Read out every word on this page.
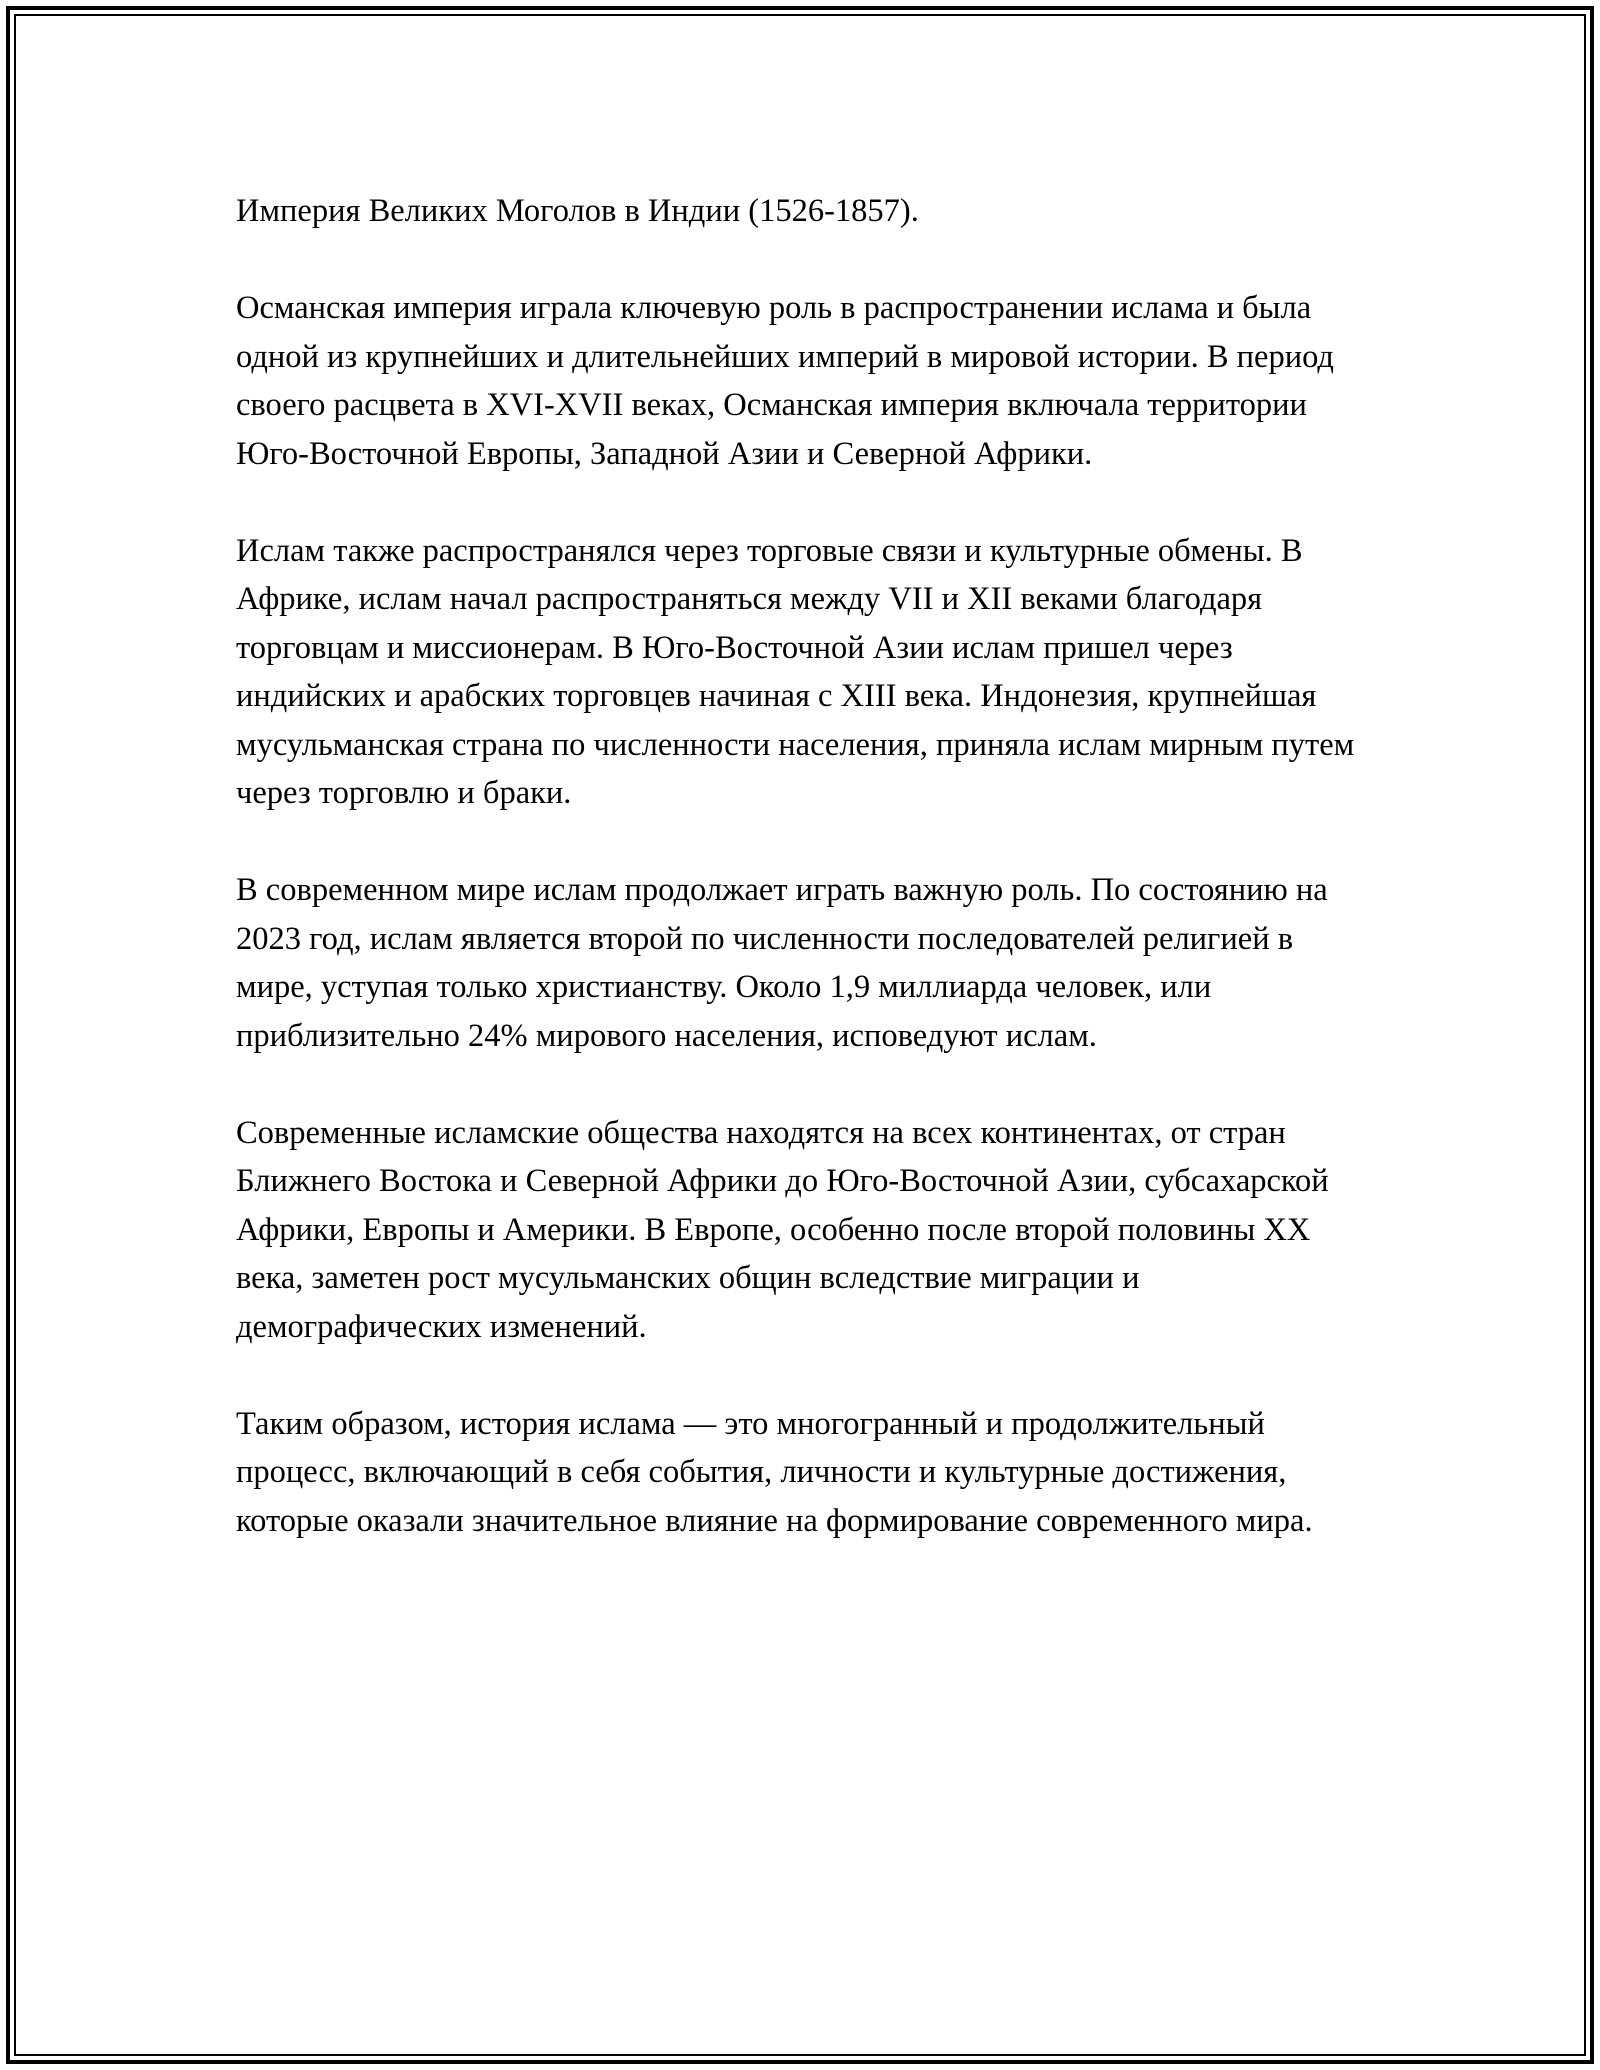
Империя Великих Моголов в Индии (1526-1857).

Османская империя играла ключевую роль в распространении ислама и была одной из крупнейших и длительнейших империй в мировой истории. В период своего расцвета в XVI-XVII веках, Османская империя включала территории Юго-Восточной Европы, Западной Азии и Северной Африки.

Ислам также распространялся через торговые связи и культурные обмены. В Африке, ислам начал распространяться между VII и XII веками благодаря торговцам и миссионерам. В Юго-Восточной Азии ислам пришел через индийских и арабских торговцев начиная с XIII века. Индонезия, крупнейшая мусульманская страна по численности населения, приняла ислам мирным путем через торговлю и браки.

В современном мире ислам продолжает играть важную роль. По состоянию на 2023 год, ислам является второй по численности последователей религией в мире, уступая только христианству. Около 1,9 миллиарда человек, или приблизительно 24% мирового населения, исповедуют ислам.

Современные исламские общества находятся на всех континентах, от стран Ближнего Востока и Северной Африки до Юго-Восточной Азии, субсахарской Африки, Европы и Америки. В Европе, особенно после второй половины XX века, заметен рост мусульманских общин вследствие миграции и демографических изменений.

Таким образом, история ислама — это многогранный и продолжительный процесс, включающий в себя события, личности и культурные достижения, которые оказали значительное влияние на формирование современного мира.
